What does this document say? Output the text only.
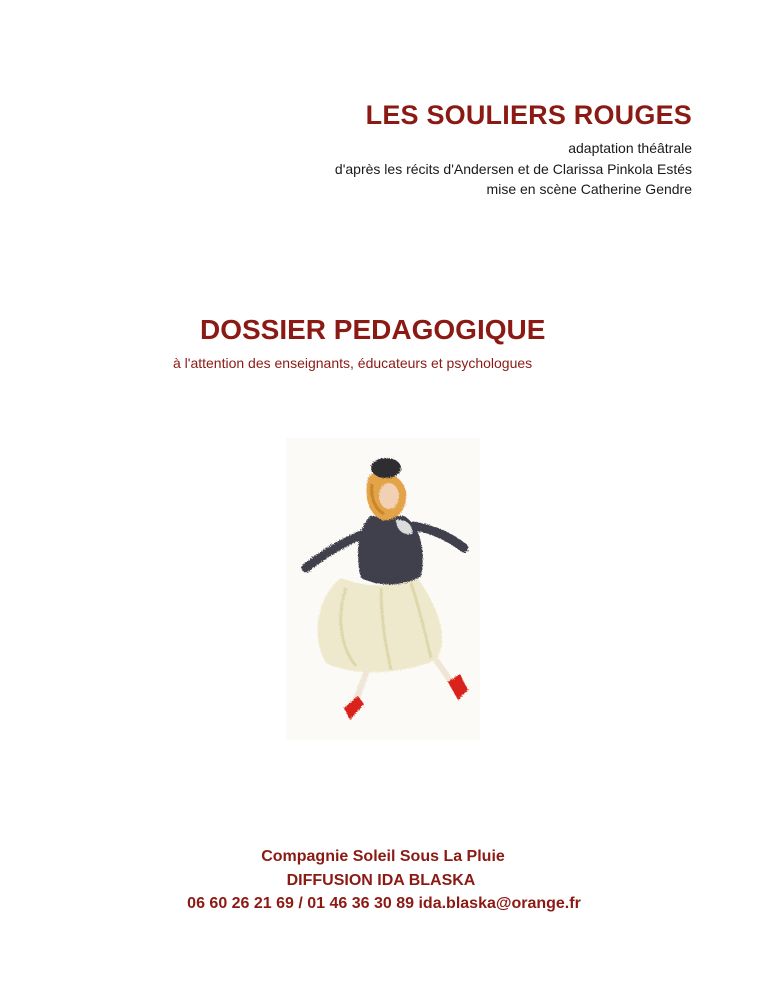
LES SOULIERS ROUGES
adaptation théâtrale
d'après les récits d'Andersen et de Clarissa Pinkola Estés
mise en scène Catherine Gendre
DOSSIER PEDAGOGIQUE
à l'attention des enseignants, éducateurs et psychologues
Compagnie Soleil Sous La Pluie
DIFFUSION IDA BLASKA
06 60 26 21 69 / 01 46 36 30 89 ida.blaska@orange.fr
